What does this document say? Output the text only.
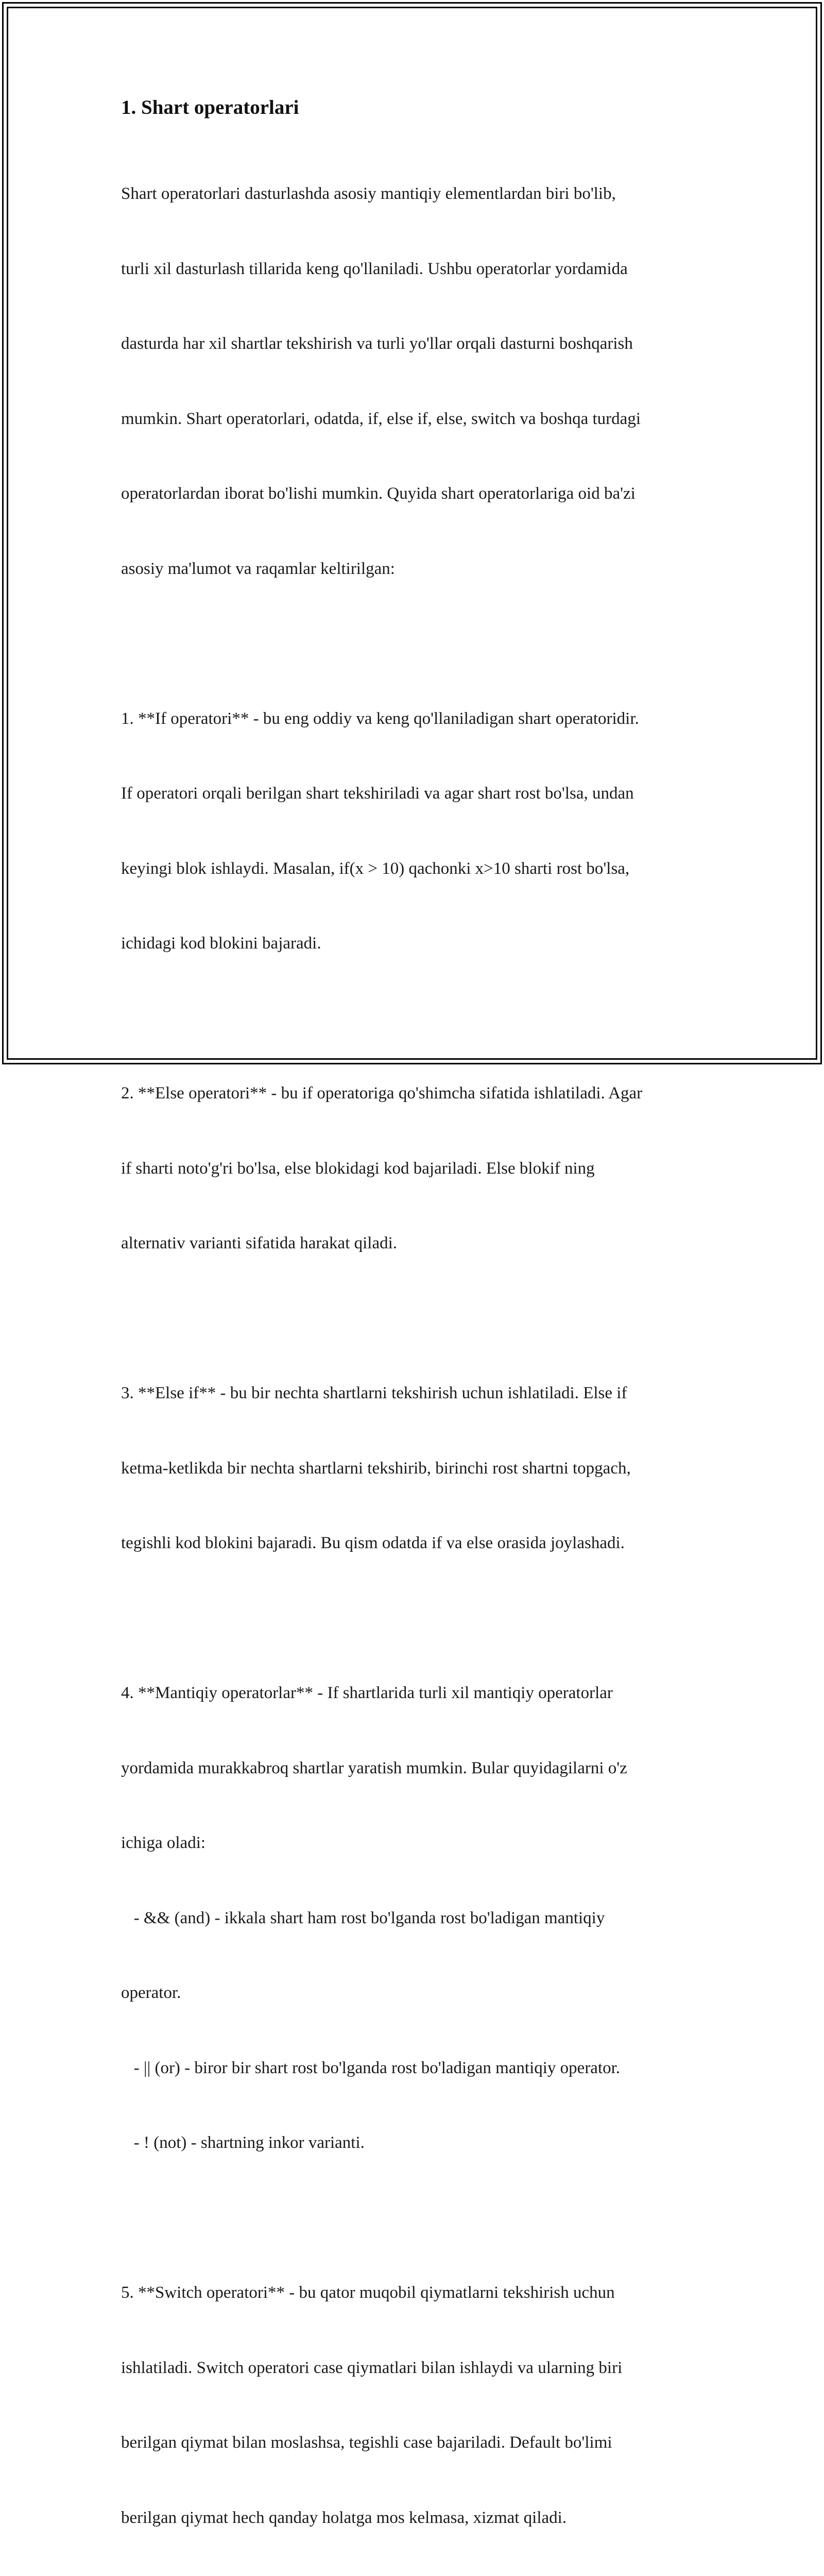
1. Shart operatorlari

Shart operatorlari dasturlashda asosiy mantiqiy elementlardan biri bo'lib,

turli xil dasturlash tillarida keng qo'llaniladi. Ushbu operatorlar yordamida

dasturda har xil shartlar tekshirish va turli yo'llar orqali dasturni boshqarish

mumkin. Shart operatorlari, odatda, if, else if, else, switch va boshqa turdagi

operatorlardan iborat bo'lishi mumkin. Quyida shart operatorlariga oid ba'zi

asosiy ma'lumot va raqamlar keltirilgan:

1. **If operatori** - bu eng oddiy va keng qo'llaniladigan shart operatoridir.

If operatori orqali berilgan shart tekshiriladi va agar shart rost bo'lsa, undan

keyingi blok ishlaydi. Masalan, if(x > 10) qachonki x>10 sharti rost bo'lsa,

ichidagi kod blokini bajaradi.

2. **Else operatori** - bu if operatoriga qo'shimcha sifatida ishlatiladi. Agar

if sharti noto'g'ri bo'lsa, else blokidagi kod bajariladi. Else blokif ning

alternativ varianti sifatida harakat qiladi.

3. **Else if** - bu bir nechta shartlarni tekshirish uchun ishlatiladi. Else if

ketma-ketlikda bir nechta shartlarni tekshirib, birinchi rost shartni topgach,

tegishli kod blokini bajaradi. Bu qism odatda if va else orasida joylashadi.

4. **Mantiqiy operatorlar** - If shartlarida turli xil mantiqiy operatorlar

yordamida murakkabroq shartlar yaratish mumkin. Bular quyidagilarni o'z

ichiga oladi:

- && (and) - ikkala shart ham rost bo'lganda rost bo'ladigan mantiqiy

operator.

- || (or) - biror bir shart rost bo'lganda rost bo'ladigan mantiqiy operator.

- ! (not) - shartning inkor varianti.

5. **Switch operatori** - bu qator muqobil qiymatlarni tekshirish uchun

ishlatiladi. Switch operatori case qiymatlari bilan ishlaydi va ularning biri

berilgan qiymat bilan moslashsa, tegishli case bajariladi. Default bo'limi

berilgan qiymat hech qanday holatga mos kelmasa, xizmat qiladi.
